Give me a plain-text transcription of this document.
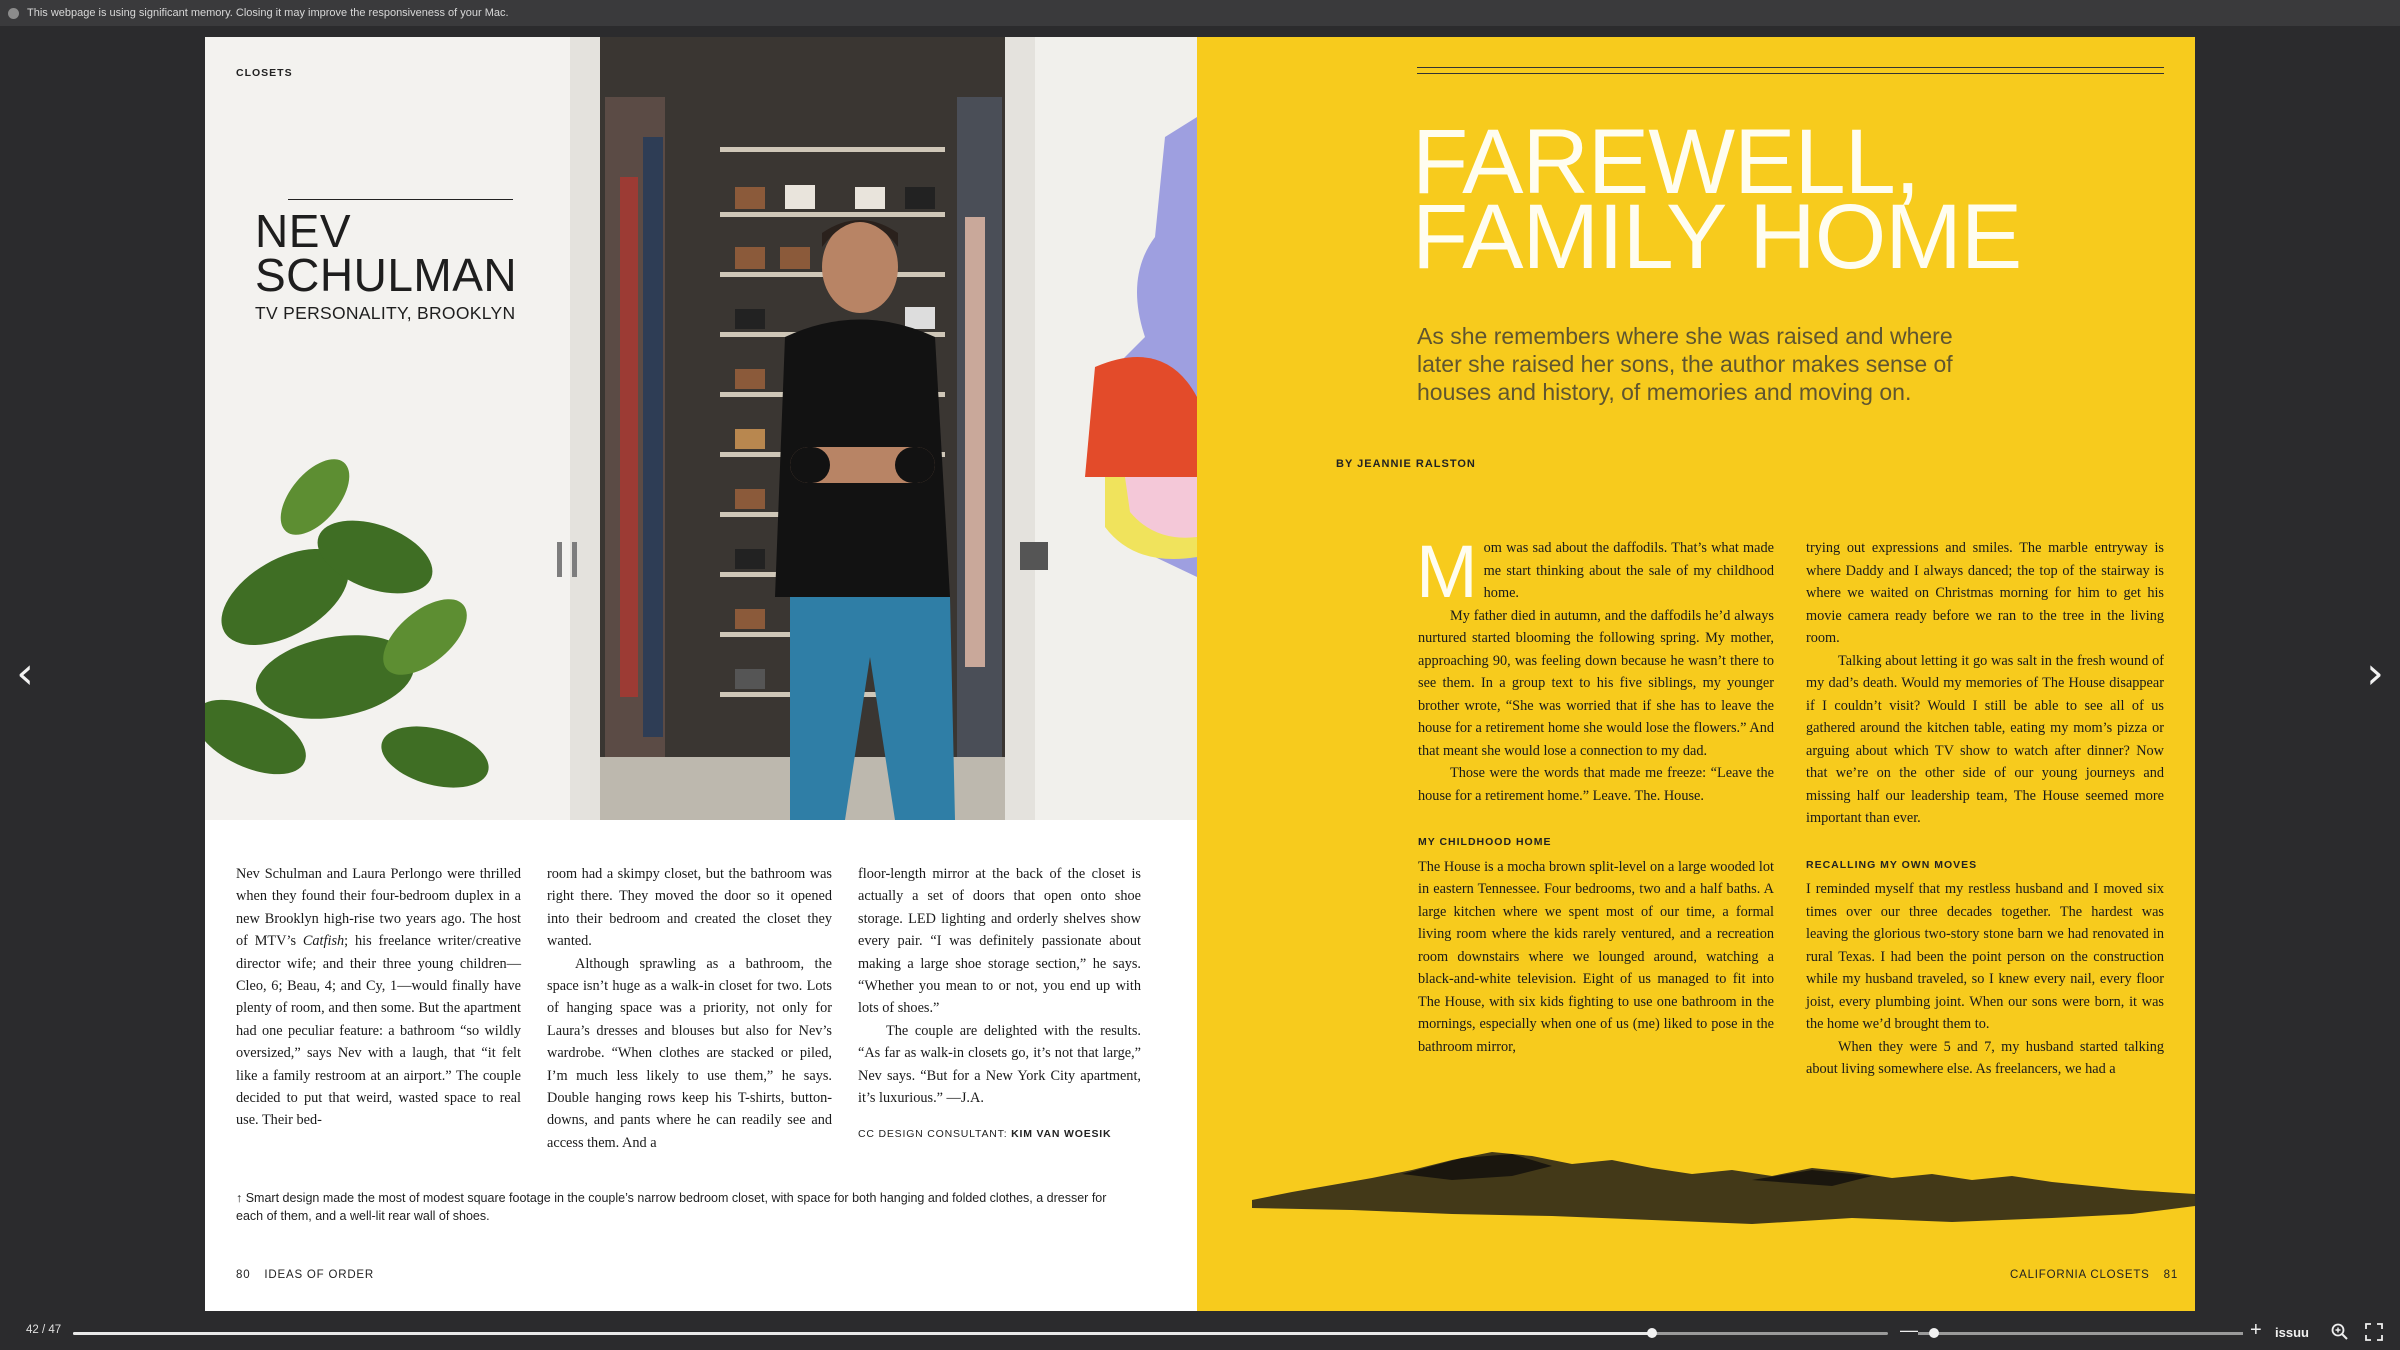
This webpage is using significant memory. Closing it may improve the responsiveness of your Mac.
‹	›
CLOSETS
NEV
SCHULMAN
TV PERSONALITY, BROOKLYN

Nev Schulman and Laura Perlongo were thrilled when they found their four-bedroom duplex in a new Brooklyn high-rise two years ago. The host of MTV’s Catfish; his freelance writer/creative director wife; and their three young children—Cleo, 6; Beau, 4; and Cy, 1—would finally have plenty of room, and then some. But the apartment had one peculiar feature: a bathroom “so wildly oversized,” says Nev with a laugh, that “it felt like a family restroom at an airport.” The couple decided to put that weird, wasted space to real use. Their bed-

room had a skimpy closet, but the bathroom was right there. They moved the door so it opened into their bedroom and created the closet they wanted.

Although sprawling as a bathroom, the space isn’t huge as a walk-in closet for two. Lots of hanging space was a priority, not only for Laura’s dresses and blouses but also for Nev’s wardrobe. “When clothes are stacked or piled, I’m much less likely to use them,” he says. Double hanging rows keep his T-shirts, button-downs, and pants where he can readily see and access them. And a

floor-length mirror at the back of the closet is actually a set of doors that open onto shoe storage. LED lighting and orderly shelves show every pair. “I was definitely passionate about making a large shoe storage section,” he says. “Whether you mean to or not, you end up with lots of shoes.”

The couple are delighted with the results. “As far as walk-in closets go, it’s not that large,” Nev says. “But for a New York City apartment, it’s luxurious.” —J.A.

CC DESIGN CONSULTANT: KIM VAN WOESIK

↑ Smart design made the most of modest square footage in the couple’s narrow bedroom closet, with space for both hanging and folded clothes, a dresser for each of them, and a well-lit rear wall of shoes.
80 IDEAS OF ORDER
FAREWELL,
FAMILY HOME
As she remembers where she was raised and where later she raised her sons, the author makes sense of houses and history, of memories and moving on.
BY JEANNIE RALSTON

Mom was sad about the daffodils. That’s what made me start thinking about the sale of my childhood home.

My father died in autumn, and the daffodils he’d always nurtured started blooming the following spring. My mother, approaching 90, was feeling down because he wasn’t there to see them. In a group text to his five siblings, my younger brother wrote, “She was worried that if she has to leave the house for a retirement home she would lose the flowers.” And that meant she would lose a connection to my dad.

Those were the words that made me freeze: “Leave the house for a retirement home.” Leave. The. House.

MY CHILDHOOD HOME

The House is a mocha brown split-level on a large wooded lot in eastern Tennessee. Four bedrooms, two and a half baths. A large kitchen where we spent most of our time, a formal living room where the kids rarely ventured, and a recreation room downstairs where we lounged around, watching a black-and-white television. Eight of us managed to fit into The House, with six kids fighting to use one bathroom in the mornings, especially when one of us (me) liked to pose in the bathroom mirror,

trying out expressions and smiles. The marble entryway is where Daddy and I always danced; the top of the stairway is where we waited on Christmas morning for him to get his movie camera ready before we ran to the tree in the living room.

Talking about letting it go was salt in the fresh wound of my dad’s death. Would my memories of The House disappear if I couldn’t visit? Would I still be able to see all of us gathered around the kitchen table, eating my mom’s pizza or arguing about which TV show to watch after dinner? Now that we’re on the other side of our young journeys and missing half our leadership team, The House seemed more important than ever.

RECALLING MY OWN MOVES

I reminded myself that my restless husband and I moved six times over our three decades together. The hardest was leaving the glorious two-story stone barn we had renovated in rural Texas. I had been the point person on the construction while my husband traveled, so I knew every nail, every floor joist, every plumbing joint. When our sons were born, it was the home we’d brought them to.

When they were 5 and 7, my husband started talking about living somewhere else. As freelancers, we had a

CALIFORNIA CLOSETS 81
42 / 47	—	+ issuu
